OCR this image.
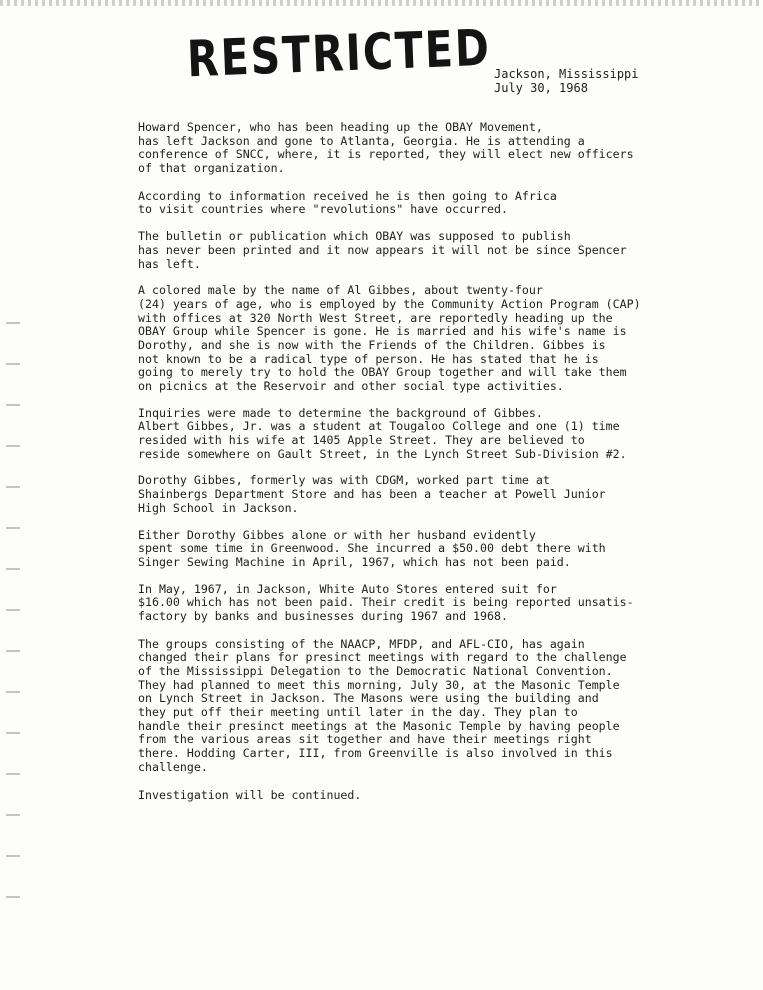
RESTRICTED Jackson, Mississippi
July 30, 1968
Howard Spencer, who has been heading up the OBAY Movement,
has left Jackson and gone to Atlanta, Georgia. He is attending a
conference of SNCC, where, it is reported, they will elect new officers
of that organization.
According to information received he is then going to Africa
to visit countries where "revolutions" have occurred.
The bulletin or publication which OBAY was supposed to publish
has never been printed and it now appears it will not be since Spencer
has left.
A colored male by the name of Al Gibbes, about twenty-four
(24) years of age, who is employed by the Community Action Program (CAP)
with offices at 320 North West Street, are reportedly heading up the
OBAY Group while Spencer is gone. He is married and his wife's name is
Dorothy, and she is now with the Friends of the Children. Gibbes is
not known to be a radical type of person. He has stated that he is
going to merely try to hold the OBAY Group together and will take them
on picnics at the Reservoir and other social type activities.
Inquiries were made to determine the background of Gibbes.
Albert Gibbes, Jr. was a student at Tougaloo College and one (1) time
resided with his wife at 1405 Apple Street. They are believed to
reside somewhere on Gault Street, in the Lynch Street Sub-Division #2.
Dorothy Gibbes, formerly was with CDGM, worked part time at
Shainbergs Department Store and has been a teacher at Powell Junior
High School in Jackson.
Either Dorothy Gibbes alone or with her husband evidently
spent some time in Greenwood. She incurred a $50.00 debt there with
Singer Sewing Machine in April, 1967, which has not been paid.
In May, 1967, in Jackson, White Auto Stores entered suit for
$16.00 which has not been paid. Their credit is being reported unsatis-
factory by banks and businesses during 1967 and 1968.
The groups consisting of the NAACP, MFDP, and AFL-CIO, has again
changed their plans for presinct meetings with regard to the challenge
of the Mississippi Delegation to the Democratic National Convention.
They had planned to meet this morning, July 30, at the Masonic Temple
on Lynch Street in Jackson. The Masons were using the building and
they put off their meeting until later in the day. They plan to
handle their presinct meetings at the Masonic Temple by having people
from the various areas sit together and have their meetings right
there. Hodding Carter, III, from Greenville is also involved in this
challenge.
Investigation will be continued.
